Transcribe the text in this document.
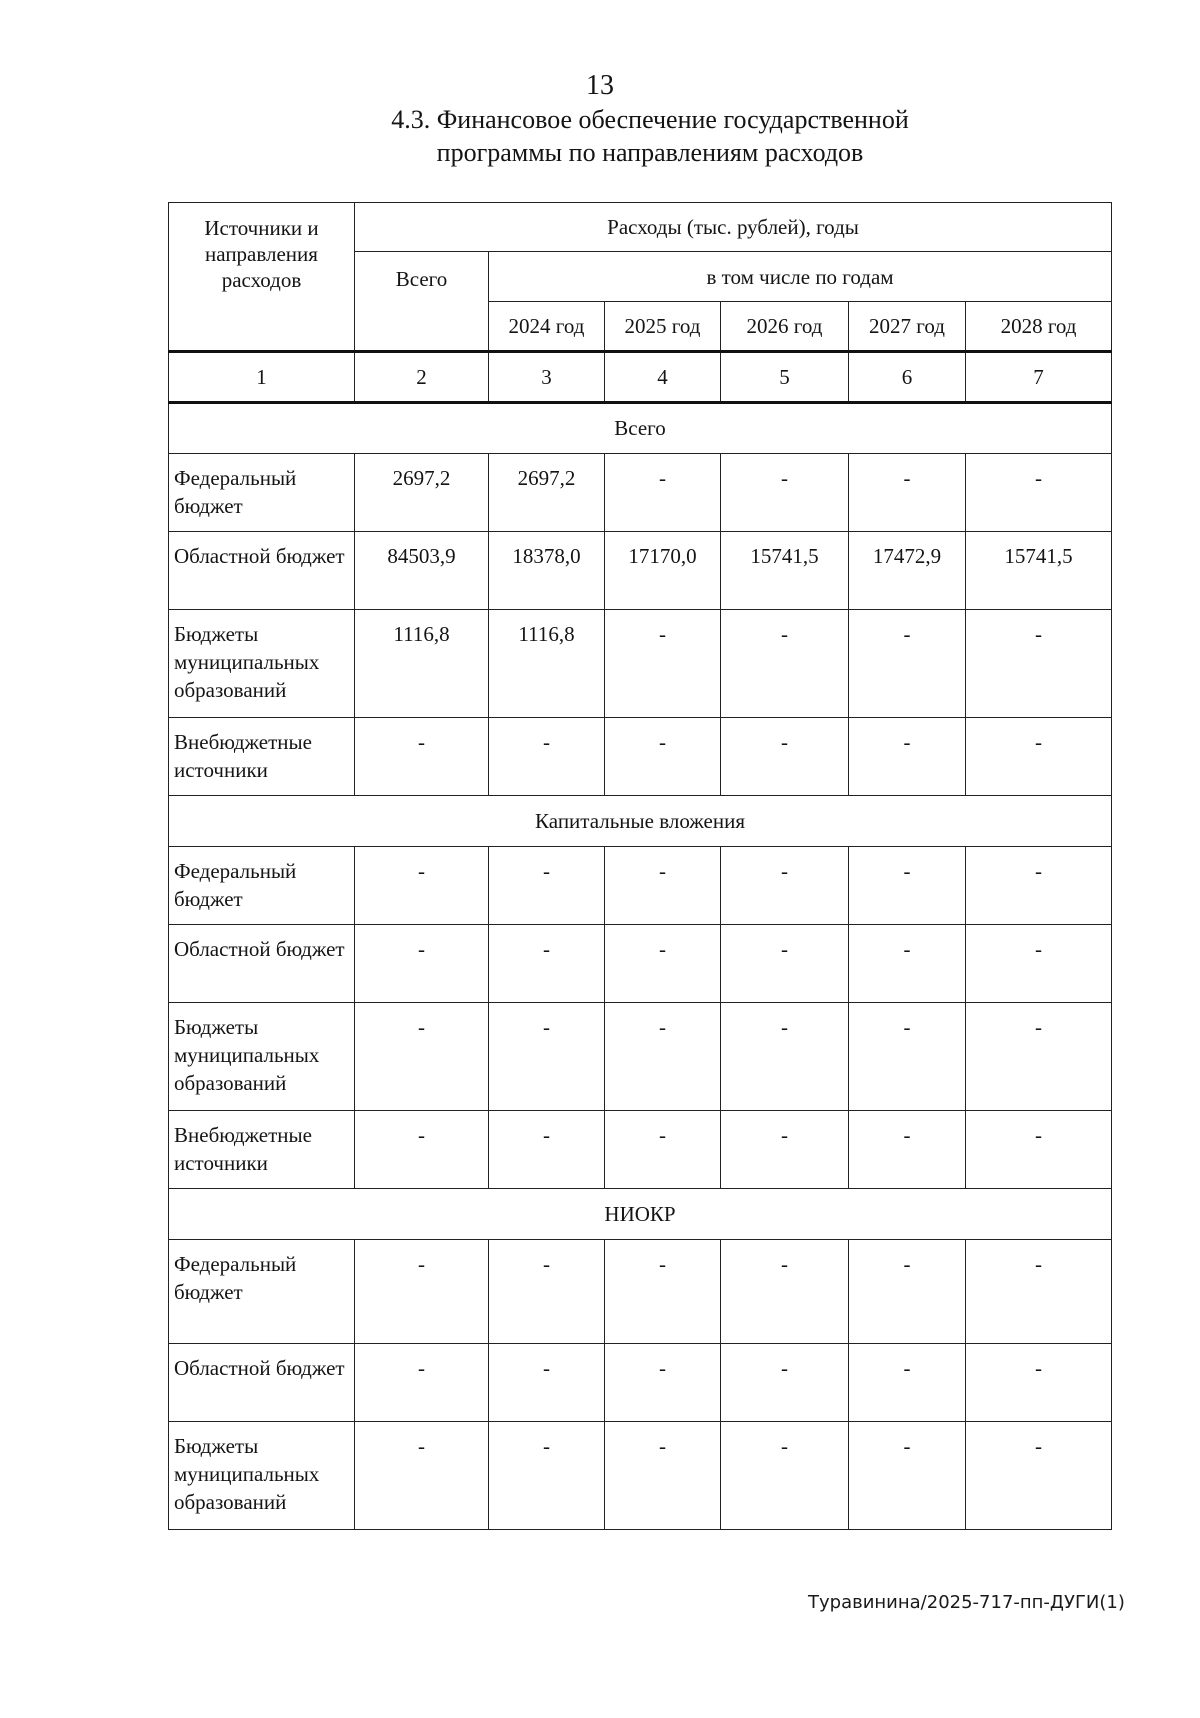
13
4.3. Финансовое обеспечение государственной
программы по направлениям расходов
Источники и направления расходов	Расходы (тыс. рублей), годы					
	Всего	в том числе по годам				
		2024 год	2025 год	2026 год	2027 год	2028 год
1	2	3	4	5	6	7
Всего						
Федеральный бюджет	2697,2	2697,2	-	-	-	-
Областной бюджет	84503,9	18378,0	17170,0	15741,5	17472,9	15741,5
Бюджеты муниципальных образований	1116,8	1116,8	-	-	-	-
Внебюджетные источники	-	-	-	-	-	-
Капитальные вложения						
Федеральный бюджет	-	-	-	-	-	-
Областной бюджет	-	-	-	-	-	-
Бюджеты муниципальных образований	-	-	-	-	-	-
Внебюджетные источники	-	-	-	-	-	-
НИОКР						
Федеральный бюджет	-	-	-	-	-	-
Областной бюджет	-	-	-	-	-	-
Бюджеты муниципальных образований	-	-	-	-	-	-
Туравинина/2025-717-пп-ДУГИ(1)
